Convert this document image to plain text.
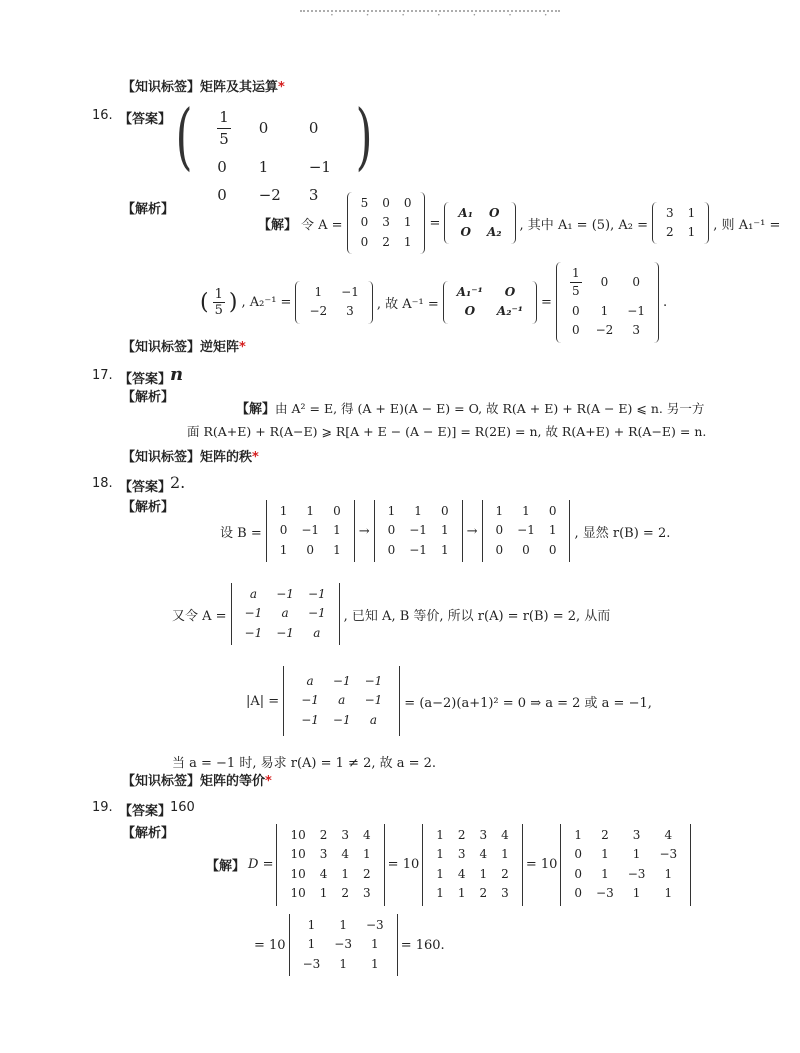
· · · · · · ·
【知识标签】矩阵及其运算*
16. 【答案】 ( $\frac{1}{5}$	0	0
0	1	−1
0	−2	3
)
【解析】
【解】 令 A =
5	0	0
0	3	1
0	2	1
=
A₁	O
O	A₂ , 其中 A₁ = (5), A₂ =
3	1
2	1 , 则 A₁⁻¹ =
( $\frac{1}{5}$ ) , A₂⁻¹ =
1	−1
−2	3 , 故 A⁻¹ =
A₁⁻¹	O
O	A₂⁻¹
=
$\frac{1}{5}$	0	0
0	1	−1
0	−2	3
.
【知识标签】逆矩阵*
17. 【答案】
n
【解析】
【解】由 A² = E, 得 (A + E)(A − E) = O, 故 R(A + E) + R(A − E) ⩽ n. 另一方
面 R(A+E) + R(A−E) ⩾ R[A + E − (A − E)] = R(2E) = n, 故 R(A+E) + R(A−E) = n.
【知识标签】矩阵的秩*
18. 【答案】
2.
【解析】
设 B =
1	1	0
0	−1	1
1	0	1
→
1	1	0
0	−1	1
0	−1	1
→
1	1	0
0	−1	1
0	0	0
, 显然 r(B) = 2.
又令 A =
a	−1	−1
−1	a	−1
−1	−1	a
, 已知 A, B 等价, 所以 r(A) = r(B) = 2, 从而
|A| =
a	−1	−1
−1	a	−1
−1	−1	a
= (a−2)(a+1)² = 0 ⇒ a = 2 或 a = −1,
当 a = −1 时, 易求 r(A) = 1 ≠ 2, 故 a = 2.
【知识标签】矩阵的等价*
19. 【答案】
160
【解析】
【解】 D =
10	2	3	4
10	3	4	1
10	4	1	2
10	1	2	3
= 10
1	2	3	4
1	3	4	1
1	4	1	2
1	1	2	3
= 10
1	2	3	4
0	1	1	−3
0	1	−3	1
0	−3	1	1
= 10
1	1	−3
1	−3	1
−3	1	1
= 160.
